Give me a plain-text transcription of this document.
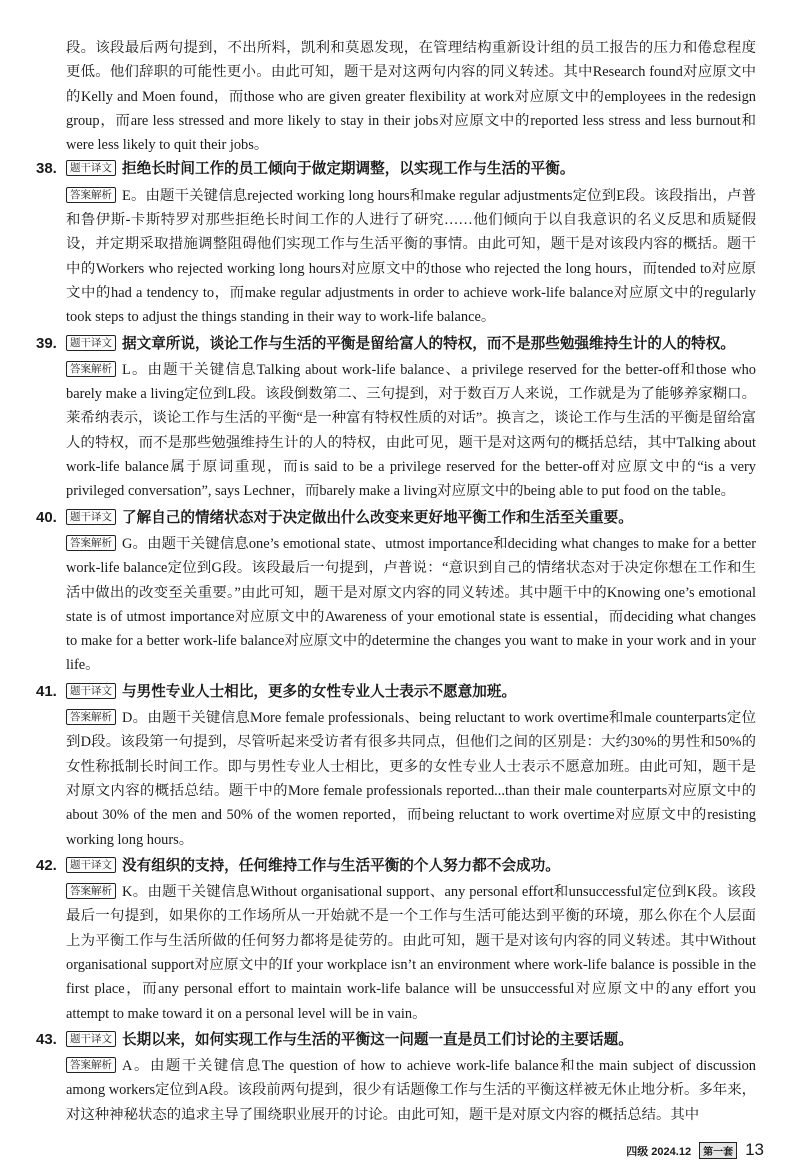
段。该段最后两句提到，不出所料，凯利和莫恩发现，在管理结构重新设计组的员工报告的压力和倦怠程度更低。他们辞职的可能性更小。由此可知，题干是对这两句内容的同义转述。其中Research found对应原文中的Kelly and Moen found，而those who are given greater flexibility at work对应原文中的employees in the redesign group，而are less stressed and more likely to stay in their jobs对应原文中的reported less stress and less burnout和were less likely to quit their jobs。

38.	题干译文 拒绝长时间工作的员工倾向于做定期调整，以实现工作与生活的平衡。

答案解析 E。由题干关键信息rejected working long hours和make regular adjustments定位到E段。该段指出，卢普和鲁伊斯-卡斯特罗对那些拒绝长时间工作的人进行了研究……他们倾向于以自我意识的名义反思和质疑假设，并定期采取措施调整阻碍他们实现工作与生活平衡的事情。由此可知，题干是对该段内容的概括。题干中的Workers who rejected working long hours对应原文中的those who rejected the long hours，而tended to对应原文中的had a tendency to，而make regular adjustments in order to achieve work-life balance对应原文中的regularly took steps to adjust the things standing in their way to work-life balance。

39.	题干译文 据文章所说，谈论工作与生活的平衡是留给富人的特权，而不是那些勉强维持生计的人的特权。

答案解析 L。由题干关键信息Talking about work-life balance、a privilege reserved for the better-off和those who barely make a living定位到L段。该段倒数第二、三句提到，对于数百万人来说，工作就是为了能够养家糊口。莱希纳表示，谈论工作与生活的平衡“是一种富有特权性质的对话”。换言之，谈论工作与生活的平衡是留给富人的特权，而不是那些勉强维持生计的人的特权，由此可见，题干是对这两句的概括总结，其中Talking about work-life balance属于原词重现，而is said to be a privilege reserved for the better-off对应原文中的“is a very privileged conversation”, says Lechner，而barely make a living对应原文中的being able to put food on the table。

40.	题干译文 了解自己的情绪状态对于决定做出什么改变来更好地平衡工作和生活至关重要。

答案解析 G。由题干关键信息one’s emotional state、utmost importance和deciding what changes to make for a better work-life balance定位到G段。该段最后一句提到，卢普说：“意识到自己的情绪状态对于决定你想在工作和生活中做出的改变至关重要。”由此可知，题干是对原文内容的同义转述。其中题干中的Knowing one’s emotional state is of utmost importance对应原文中的Awareness of your emotional state is essential，而deciding what changes to make for a better work-life balance对应原文中的determine the changes you want to make in your work and in your life。

41.	题干译文 与男性专业人士相比，更多的女性专业人士表示不愿意加班。

答案解析 D。由题干关键信息More female professionals、being reluctant to work overtime和male counterparts定位到D段。该段第一句提到，尽管听起来受访者有很多共同点，但他们之间的区别是：大约30%的男性和50%的女性称抵制长时间工作。即与男性专业人士相比，更多的女性专业人士表示不愿意加班。由此可知，题干是对原文内容的概括总结。题干中的More female professionals reported...than their male counterparts对应原文中的about 30% of the men and 50% of the women reported，而being reluctant to work overtime对应原文中的resisting working long hours。

42.	题干译文 没有组织的支持，任何维持工作与生活平衡的个人努力都不会成功。

答案解析 K。由题干关键信息Without organisational support、any personal effort和unsuccessful定位到K段。该段最后一句提到，如果你的工作场所从一开始就不是一个工作与生活可能达到平衡的环境，那么你在个人层面上为平衡工作与生活所做的任何努力都将是徒劳的。由此可知，题干是对该句内容的同义转述。其中Without organisational support对应原文中的If your workplace isn’t an environment where work-life balance is possible in the first place，而any personal effort to maintain work-life balance will be unsuccessful对应原文中的any effort you attempt to make toward it on a personal level will be in vain。

43.	题干译文 长期以来，如何实现工作与生活的平衡这一问题一直是员工们讨论的主要话题。

答案解析 A。由题干关键信息The question of how to achieve work-life balance和the main subject of discussion among workers定位到A段。该段前两句提到，很少有话题像工作与生活的平衡这样被无休止地分析。多年来，对这种神秘状态的追求主导了围绕职业展开的讨论。由此可知，题干是对原文内容的概括总结。其中

四级 2024.12	第一套 13
